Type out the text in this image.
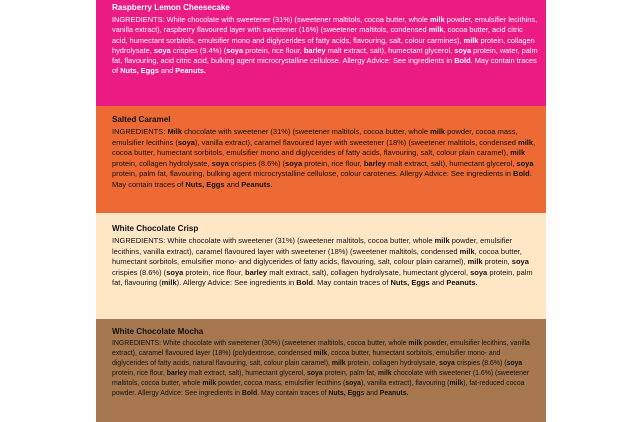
Raspberry Lemon Cheesecake

INGREDIENTS: White chocolate with sweetener (31%) (sweetener maltitols, cocoa butter, whole milk powder, emulsifier lecithins, vanilla extract), raspberry flavoured layer with sweetener (16%) (sweetener maltitols, condensed milk, cocoa butter, acid citric acid, humectant sorbitols, emulsifier mono and diglycerides of fatty acids, flavouring, salt, colour carmines), milk protein, collagen hydrolysate, soya crispies (9.4%) (soya protein, rice flour, barley malt extract, salt), humectant glycerol, soya protein, water, palm fat, flavouring, acid citric acid, bulking agent microcrystalline cellulose. Allergy Advice: See ingredients in Bold. May contain traces of Nuts, Eggs and Peanuts.

Salted Caramel

INGREDIENTS: Milk chocolate with sweetener (31%) (sweetener maltitols, cocoa butter, whole milk powder, cocoa mass, emulsifier lecithins (soya), vanilla extract), caramel flavoured layer with sweetener (18%) (sweetener maltitols, condensed milk, cocoa butter, humectant sorbitols, emulsifier mono and diglycerides of fatty acids, flavouring, salt, colour plain caramel), milk protein, collagen hydrolysate, soya crispies (8.6%) (soya protein, rice flour, barley malt extract, salt), humectant glycerol, soya protein, palm fat, flavouring, bulking agent microcrystalline cellulose, colour carotenes. Allergy Advice: See ingredients in Bold. May contain traces of Nuts, Eggs and Peanuts.

White Chocolate Crisp

INGREDIENTS: White chocolate with sweetener (31%) (sweetener maltitols, cocoa butter, whole milk powder, emulsifier lecithins, vanilla extract), caramel flavoured layer with sweetener (18%) (sweetener maltitols, condensed milk, cocoa butter, humectant sorbitols, emulsifier mono- and diglycerides of fatty acids, flavouring, salt, colour plain caramel), milk protein, soya crispies (8.6%) (soya protein, rice flour, barley malt extract, salt), collagen hydrolysate, humectant glycerol, soya protein, palm fat, flavouring (milk). Allergy Advice: See ingredients in Bold. May contain traces of Nuts, Eggs and Peanuts.

White Chocolate Mocha

INGREDIENTS: White chocolate with sweetener (30%) (sweetener maltitols, cocoa butter, whole milk powder, emulsifier lecithins, vanilla extract), caramel flavoured layer (18%) (polydextrose, condensed milk, cocoa butter, humectant sorbitols, emulsifier mono- and diglycerides of fatty acids, natural flavouring, salt, colour plain caramel), milk protein, collagen hydrolysate, soya crispies (8.6%) (soya protein, rice flour, barley malt extract, salt), humectant glycerol, soya protein, palm fat, milk chocolate with sweetener (1.6%) (sweetener maltitols, cocoa butter, whole milk powder, cocoa mass, emulsifier lecithins (soya), vanilla extract), flavouring (milk), fat-reduced cocoa powder. Allergy Advice: See ingredients in Bold. May contain traces of Nuts, Eggs and Peanuts.
